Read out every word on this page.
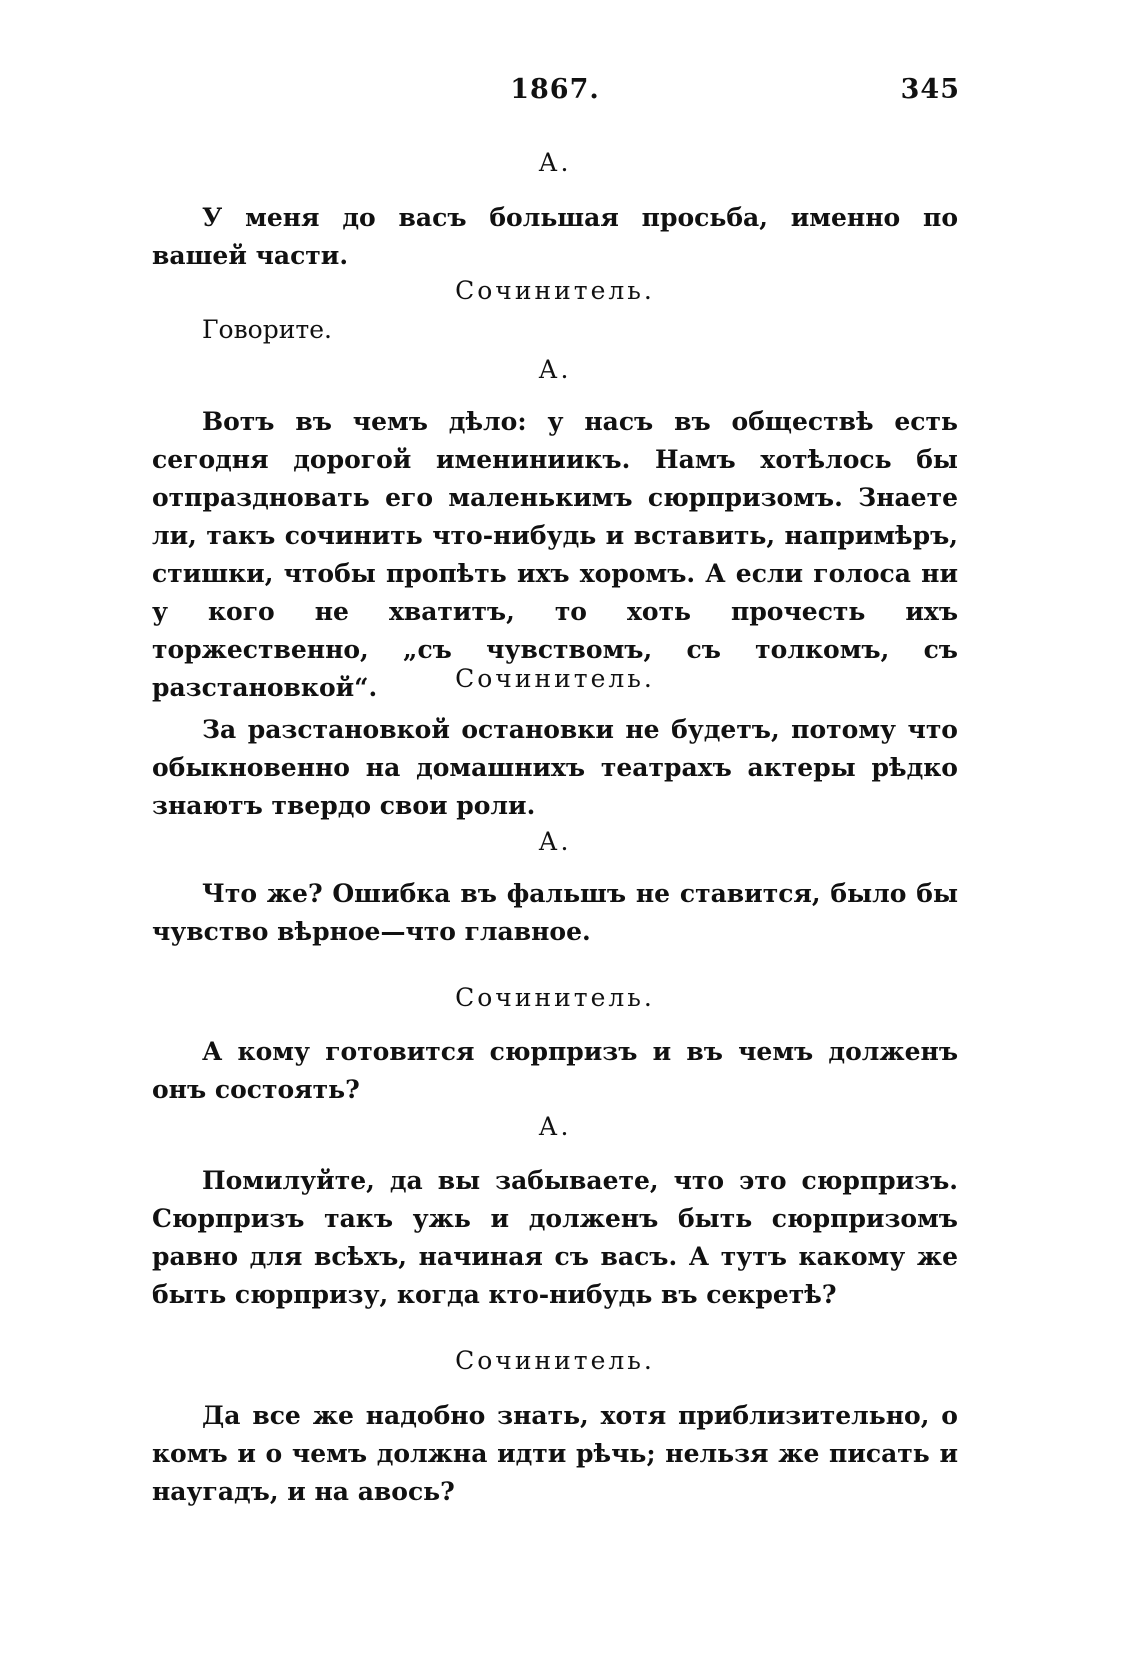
1867.	345
А.

У меня до васъ большая просьба, именно по вашей части.

Сочинитель.

Говорите.

А.

Вотъ въ чемъ дѣло: у насъ въ обществѣ есть сегодня дорогой имениниикъ. Намъ хотѣлось бы отпраздновать его маленькимъ сюрпризомъ. Знаете ли, такъ сочинить что-нибудь и вставить, напримѣръ, стишки, чтобы пропѣть ихъ хоромъ. А если голоса ни у кого не хватитъ, то хоть прочесть ихъ торжественно, „съ чувствомъ, съ толкомъ, съ разстановкой“.	Сочинитель.

За разстановкой остановки не будетъ, потому что обыкновенно на домашнихъ театрахъ актеры рѣдко знаютъ твердо свои роли.

А.

Что же? Ошибка въ фальшъ не ставится, было бы чувство вѣрное—что главное.

Сочинитель.

А кому готовится сюрпризъ и въ чемъ долженъ онъ состоять?

А.

Помилуйте, да вы забываете, что это сюрпризъ. Сюрпризъ такъ ужь и долженъ быть сюрпризомъ равно для всѣхъ, начиная съ васъ. А тутъ какому же быть сюрпризу, когда кто-нибудь въ секретѣ?

Сочинитель.

Да все же надобно знать, хотя приблизительно, о комъ и о чемъ должна идти рѣчь; нельзя же писать и наугадъ, и на авось?
